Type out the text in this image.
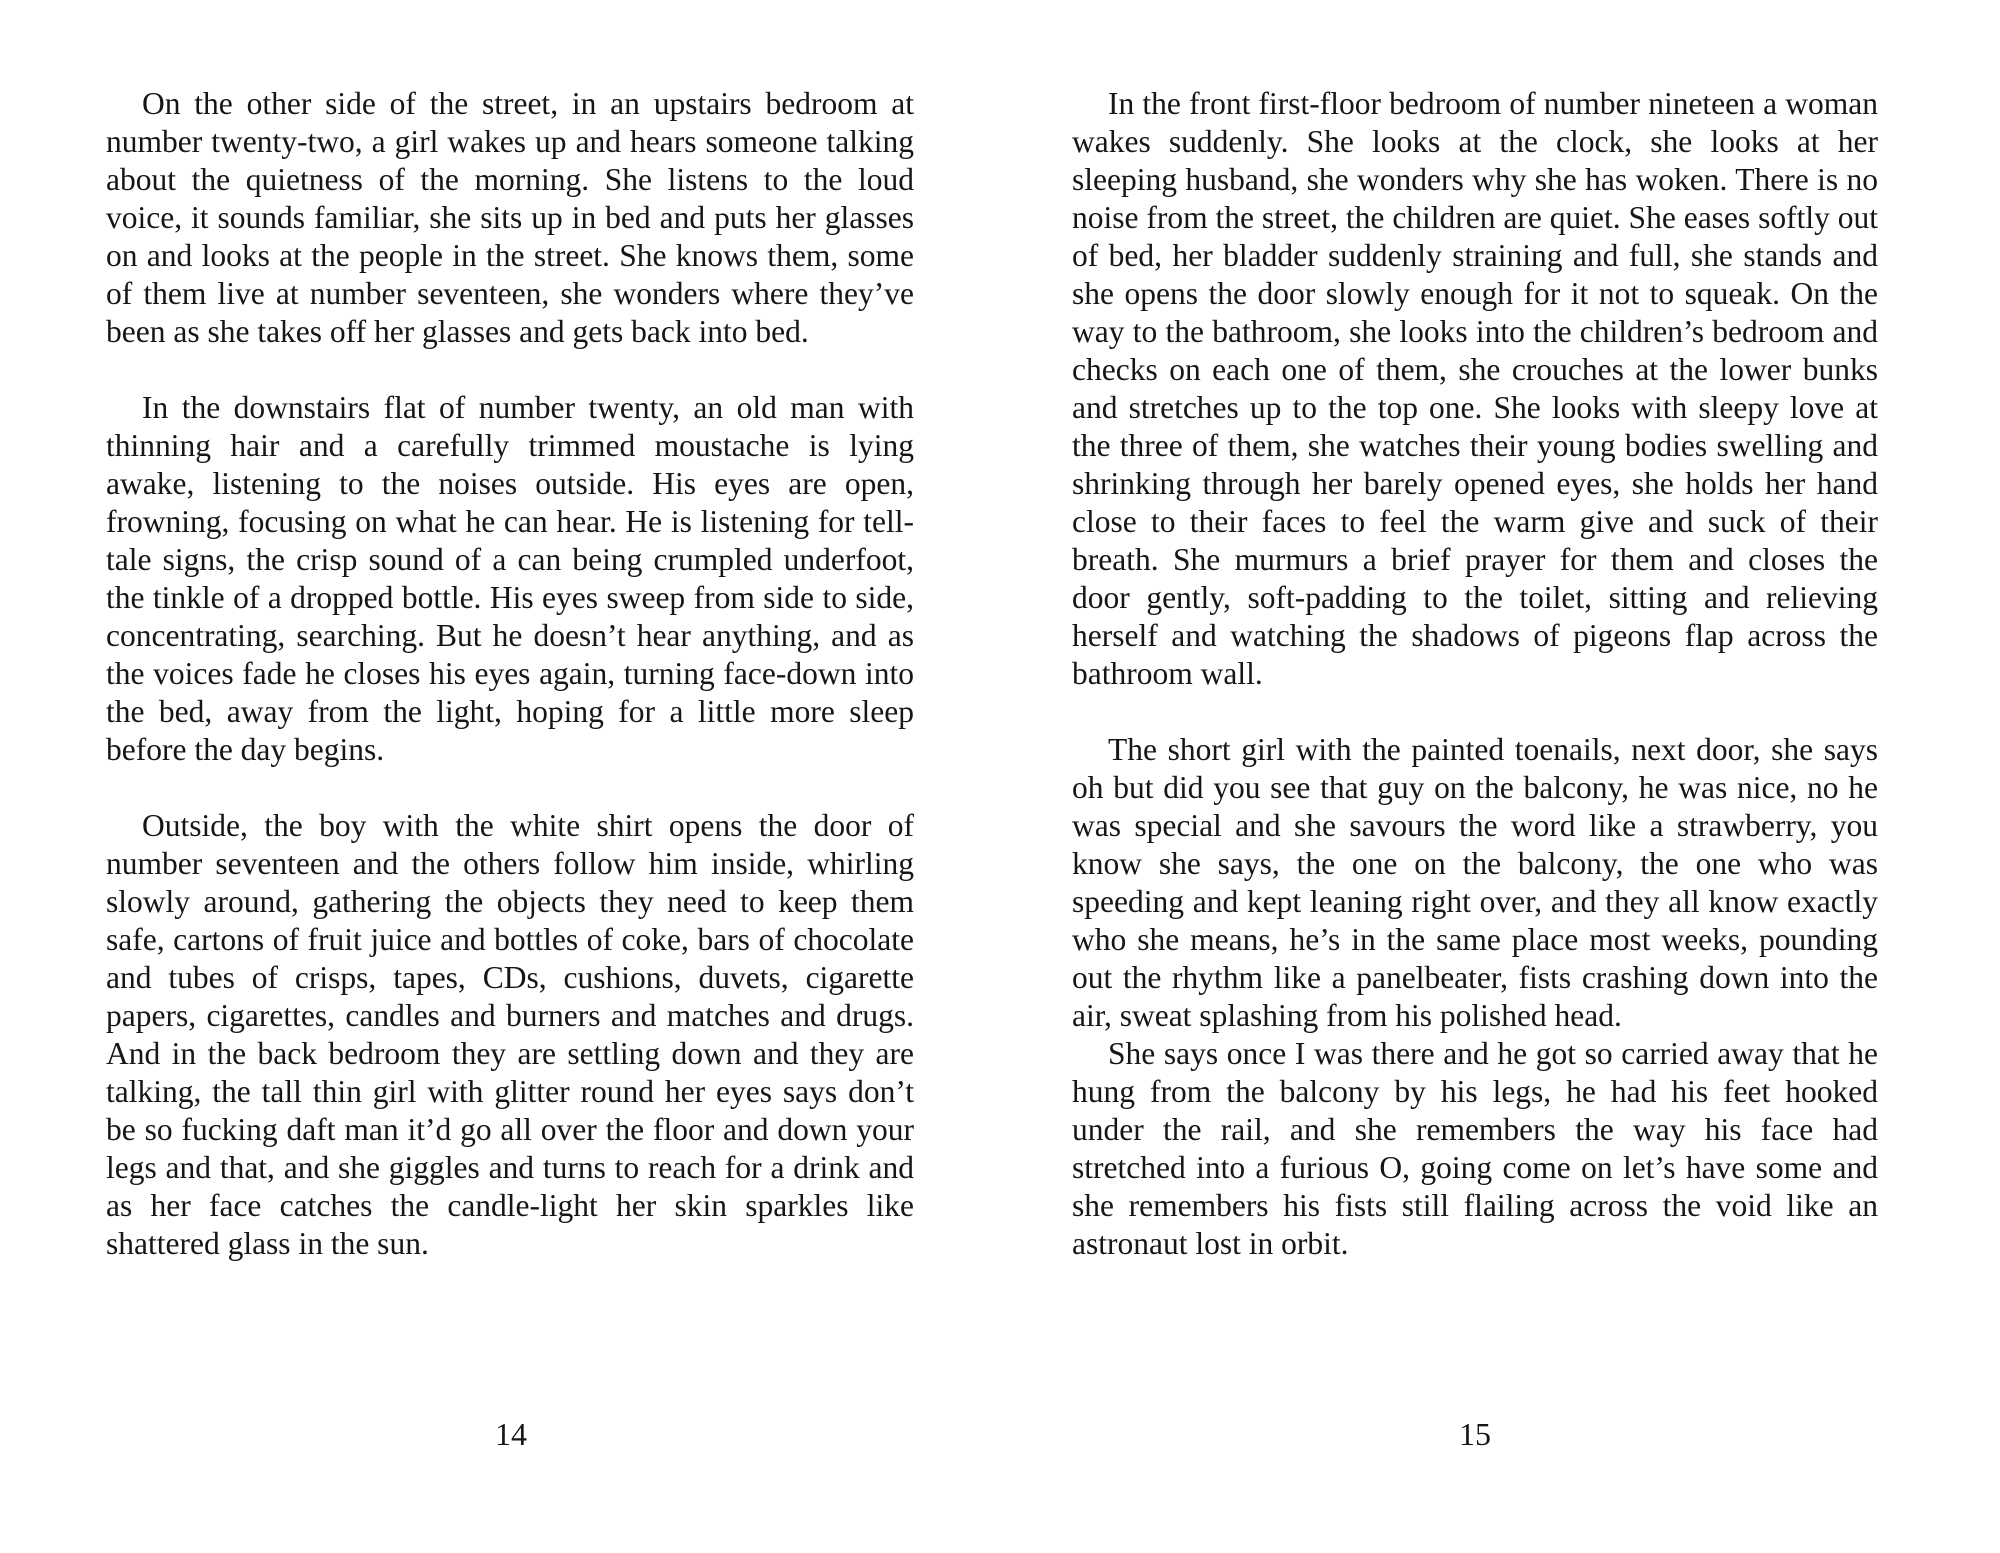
On the other side of the street, in an upstairs bedroom at number twenty-two, a girl wakes up and hears someone talking about the quietness of the morning. She listens to the loud voice, it sounds familiar, she sits up in bed and puts her glasses on and looks at the people in the street. She knows them, some of them live at number seventeen, she wonders where they’ve been as she takes off her glasses and gets back into bed.

In the downstairs flat of number twenty, an old man with thinning hair and a carefully trimmed moustache is lying awake, listening to the noises outside. His eyes are open, frowning, focusing on what he can hear. He is listening for tell-tale signs, the crisp sound of a can being crumpled underfoot, the tinkle of a dropped bottle. His eyes sweep from side to side, concentrating, searching. But he doesn’t hear anything, and as the voices fade he closes his eyes again, turning face-down into the bed, away from the light, hoping for a little more sleep before the day begins.

Outside, the boy with the white shirt opens the door of number seventeen and the others follow him inside, whirling slowly around, gathering the objects they need to keep them safe, cartons of fruit juice and bottles of coke, bars of chocolate and tubes of crisps, tapes, CDs, cushions, duvets, cigarette papers, cigarettes, candles and burners and matches and drugs. And in the back bedroom they are settling down and they are talking, the tall thin girl with glitter round her eyes says don’t be so fucking daft man it’d go all over the floor and down your legs and that, and she giggles and turns to reach for a drink and as her face catches the candle-light her skin sparkles like shattered glass in the sun.

In the front first-floor bedroom of number nineteen a woman wakes suddenly. She looks at the clock, she looks at her sleeping husband, she wonders why she has woken. There is no noise from the street, the children are quiet. She eases softly out of bed, her bladder suddenly straining and full, she stands and she opens the door slowly enough for it not to squeak. On the way to the bathroom, she looks into the children’s bedroom and checks on each one of them, she crouches at the lower bunks and stretches up to the top one. She looks with sleepy love at the three of them, she watches their young bodies swelling and shrinking through her barely opened eyes, she holds her hand close to their faces to feel the warm give and suck of their breath. She murmurs a brief prayer for them and closes the door gently, soft-padding to the toilet, sitting and relieving herself and watching the shadows of pigeons flap across the bathroom wall.

The short girl with the painted toenails, next door, she says oh but did you see that guy on the balcony, he was nice, no he was special and she savours the word like a strawberry, you know she says, the one on the balcony, the one who was speeding and kept leaning right over, and they all know exactly who she means, he’s in the same place most weeks, pounding out the rhythm like a panelbeater, fists crashing down into the air, sweat splashing from his polished head.

She says once I was there and he got so carried away that he hung from the balcony by his legs, he had his feet hooked under the rail, and she remembers the way his face had stretched into a furious O, going come on let’s have some and she remembers his fists still flailing across the void like an astronaut lost in orbit.

14	15
